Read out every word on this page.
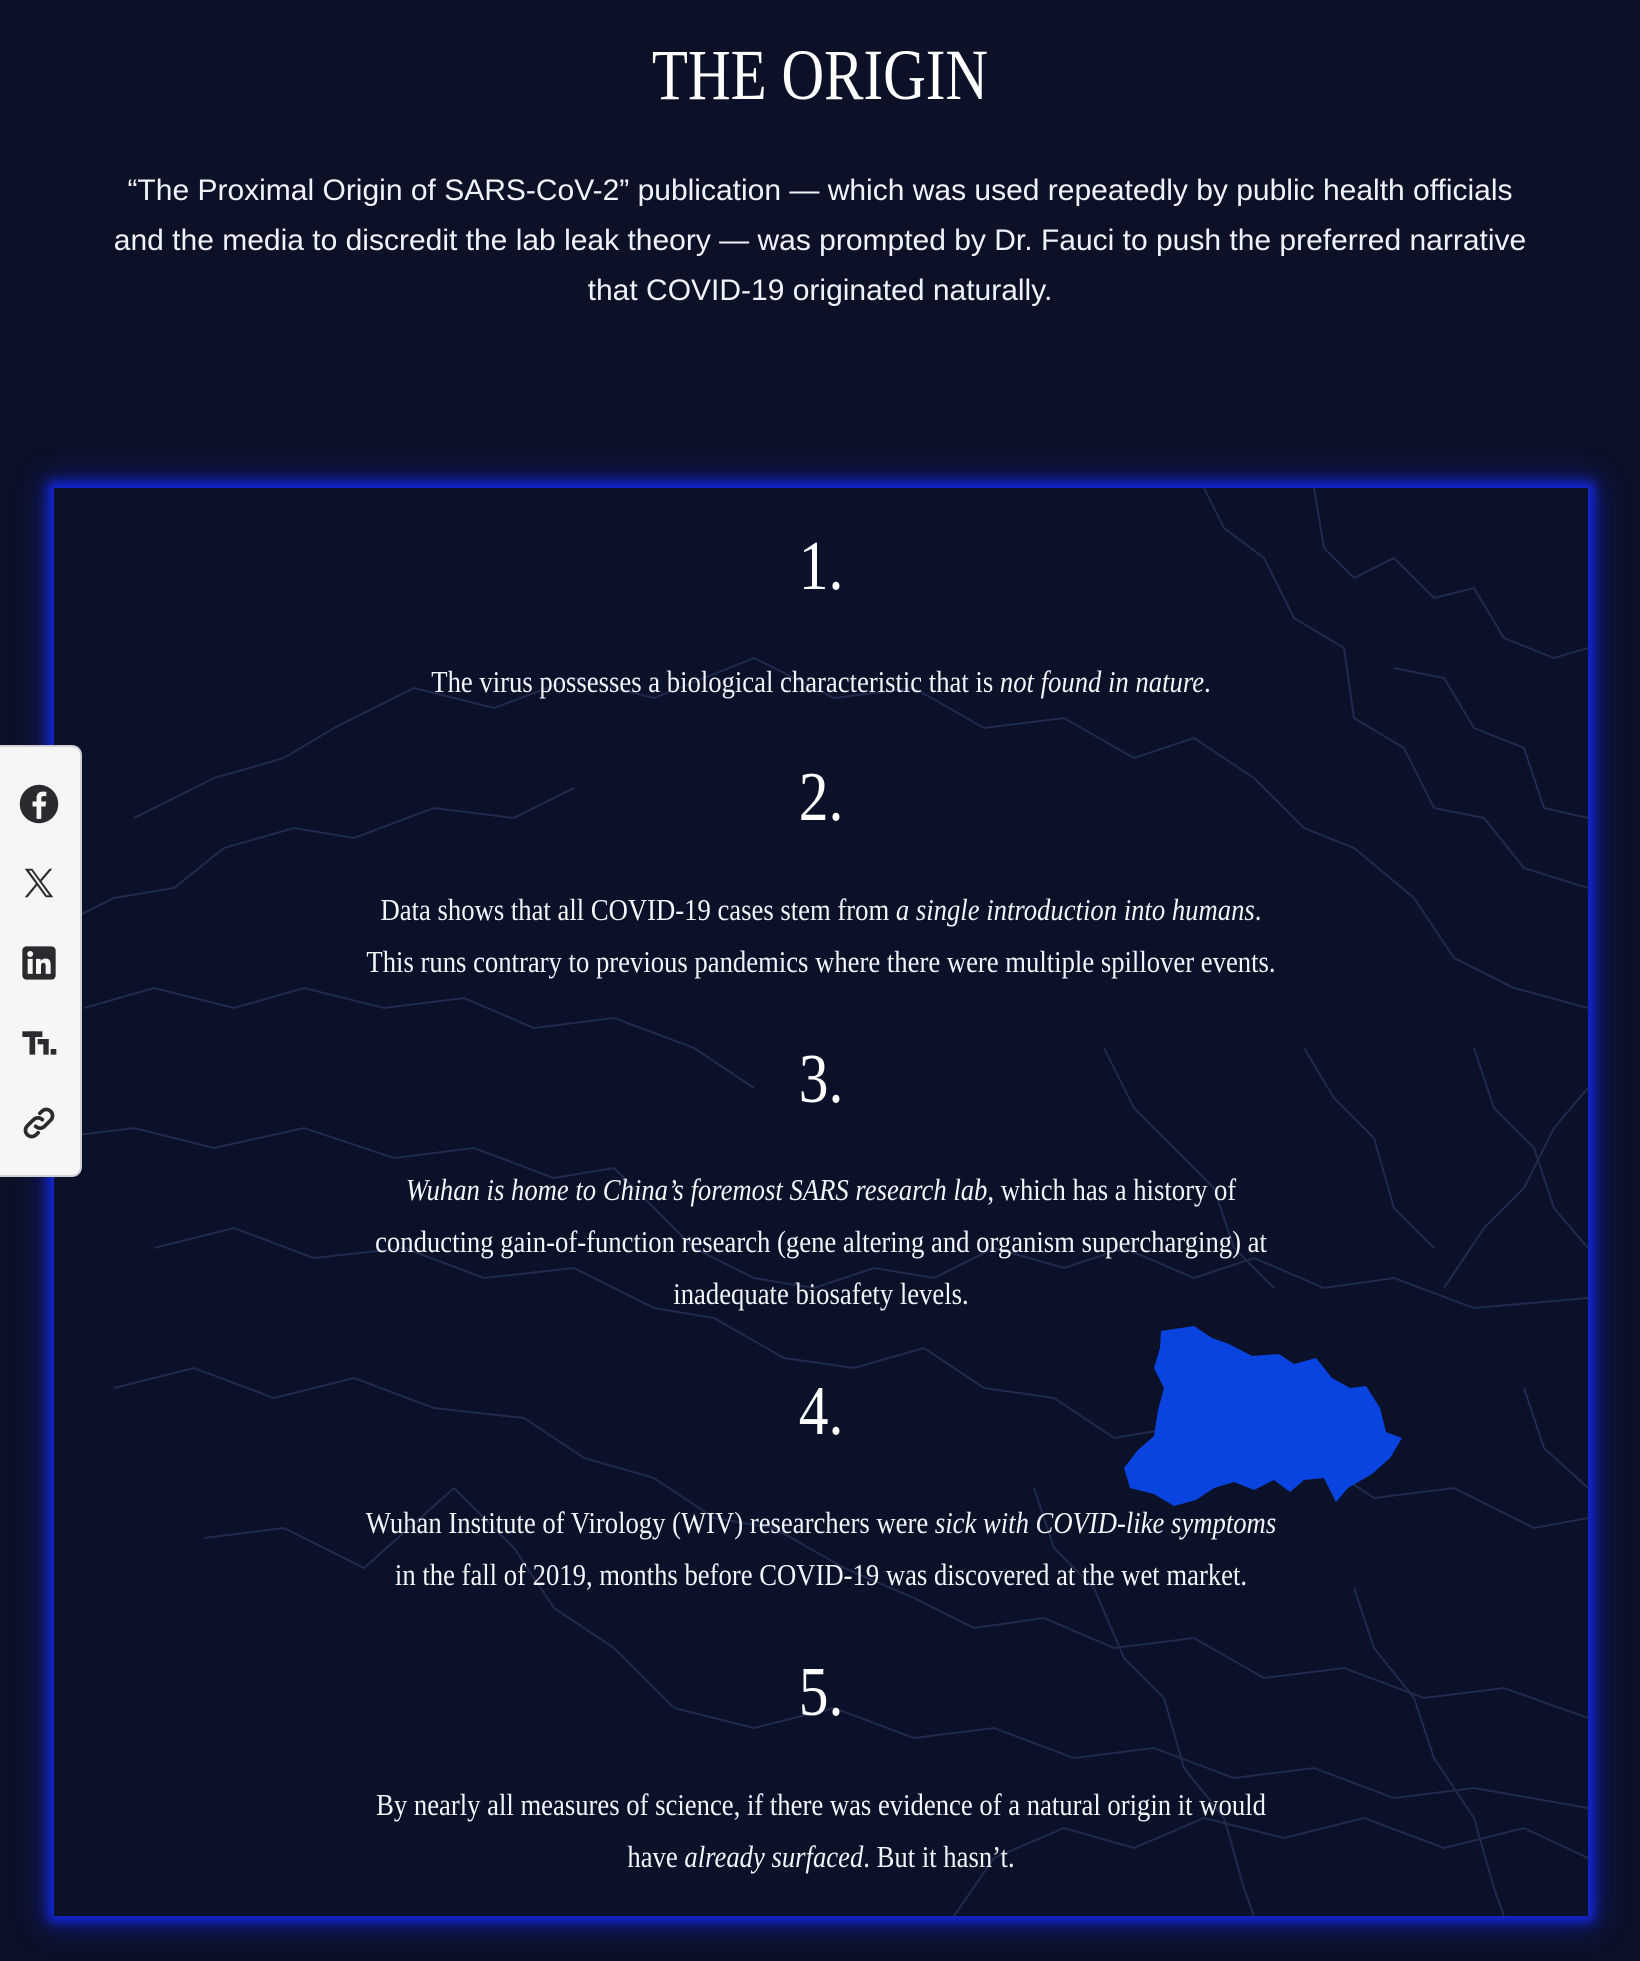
THE ORIGIN

“The Proximal Origin of SARS-CoV-2” publication — which was used repeatedly by public health officials and the media to discredit the lab leak theory — was prompted by Dr. Fauci to push the preferred narrative that COVID-19 originated naturally.

1.

The virus possesses a biological characteristic that is not found in nature.

2.

Data shows that all COVID-19 cases stem from a single introduction into humans. This runs contrary to previous pandemics where there were multiple spillover events.

3.

Wuhan is home to China’s foremost SARS research lab, which has a history of conducting gain-of-function research (gene altering and organism supercharging) at inadequate biosafety levels.

4.

Wuhan Institute of Virology (WIV) researchers were sick with COVID-like symptoms in the fall of 2019, months before COVID-19 was discovered at the wet market.

5.

By nearly all measures of science, if there was evidence of a natural origin it would have already surfaced. But it hasn’t.
